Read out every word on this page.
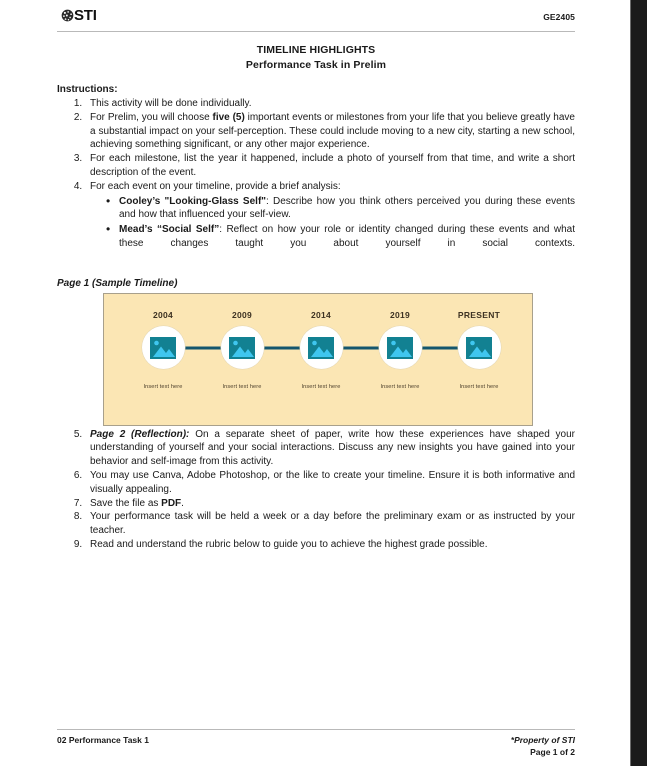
STI	GE2405
TIMELINE HIGHLIGHTS
Performance Task in Prelim
Instructions:
1. This activity will be done individually.
2. For Prelim, you will choose five (5) important events or milestones from your life that you believe greatly have a substantial impact on your self-perception. These could include moving to a new city, starting a new school, achieving something significant, or any other major experience.
3. For each milestone, list the year it happened, include a photo of yourself from that time, and write a short description of the event.
4. For each event on your timeline, provide a brief analysis:
• Cooley’s "Looking-Glass Self": Describe how you think others perceived you during these events and how that influenced your self-view.
• Mead’s “Social Self”: Reflect on how your role or identity changed during these events and what these changes taught you about yourself in social contexts.
Page 1 (Sample Timeline)
2004
Insert text here
2009
Insert text here
2014
Insert text here
2019
Insert text here
PRESENT
Insert text here
5. Page 2 (Reflection): On a separate sheet of paper, write how these experiences have shaped your understanding of yourself and your social interactions. Discuss any new insights you have gained into your behavior and self-image from this activity.
6. You may use Canva, Adobe Photoshop, or the like to create your timeline. Ensure it is both informative and visually appealing.
7. Save the file as PDF.
8. Your performance task will be held a week or a day before the preliminary exam or as instructed by your teacher.
9. Read and understand the rubric below to guide you to achieve the highest grade possible.
02 Performance Task 1	*Property of STI
Page 1 of 2
